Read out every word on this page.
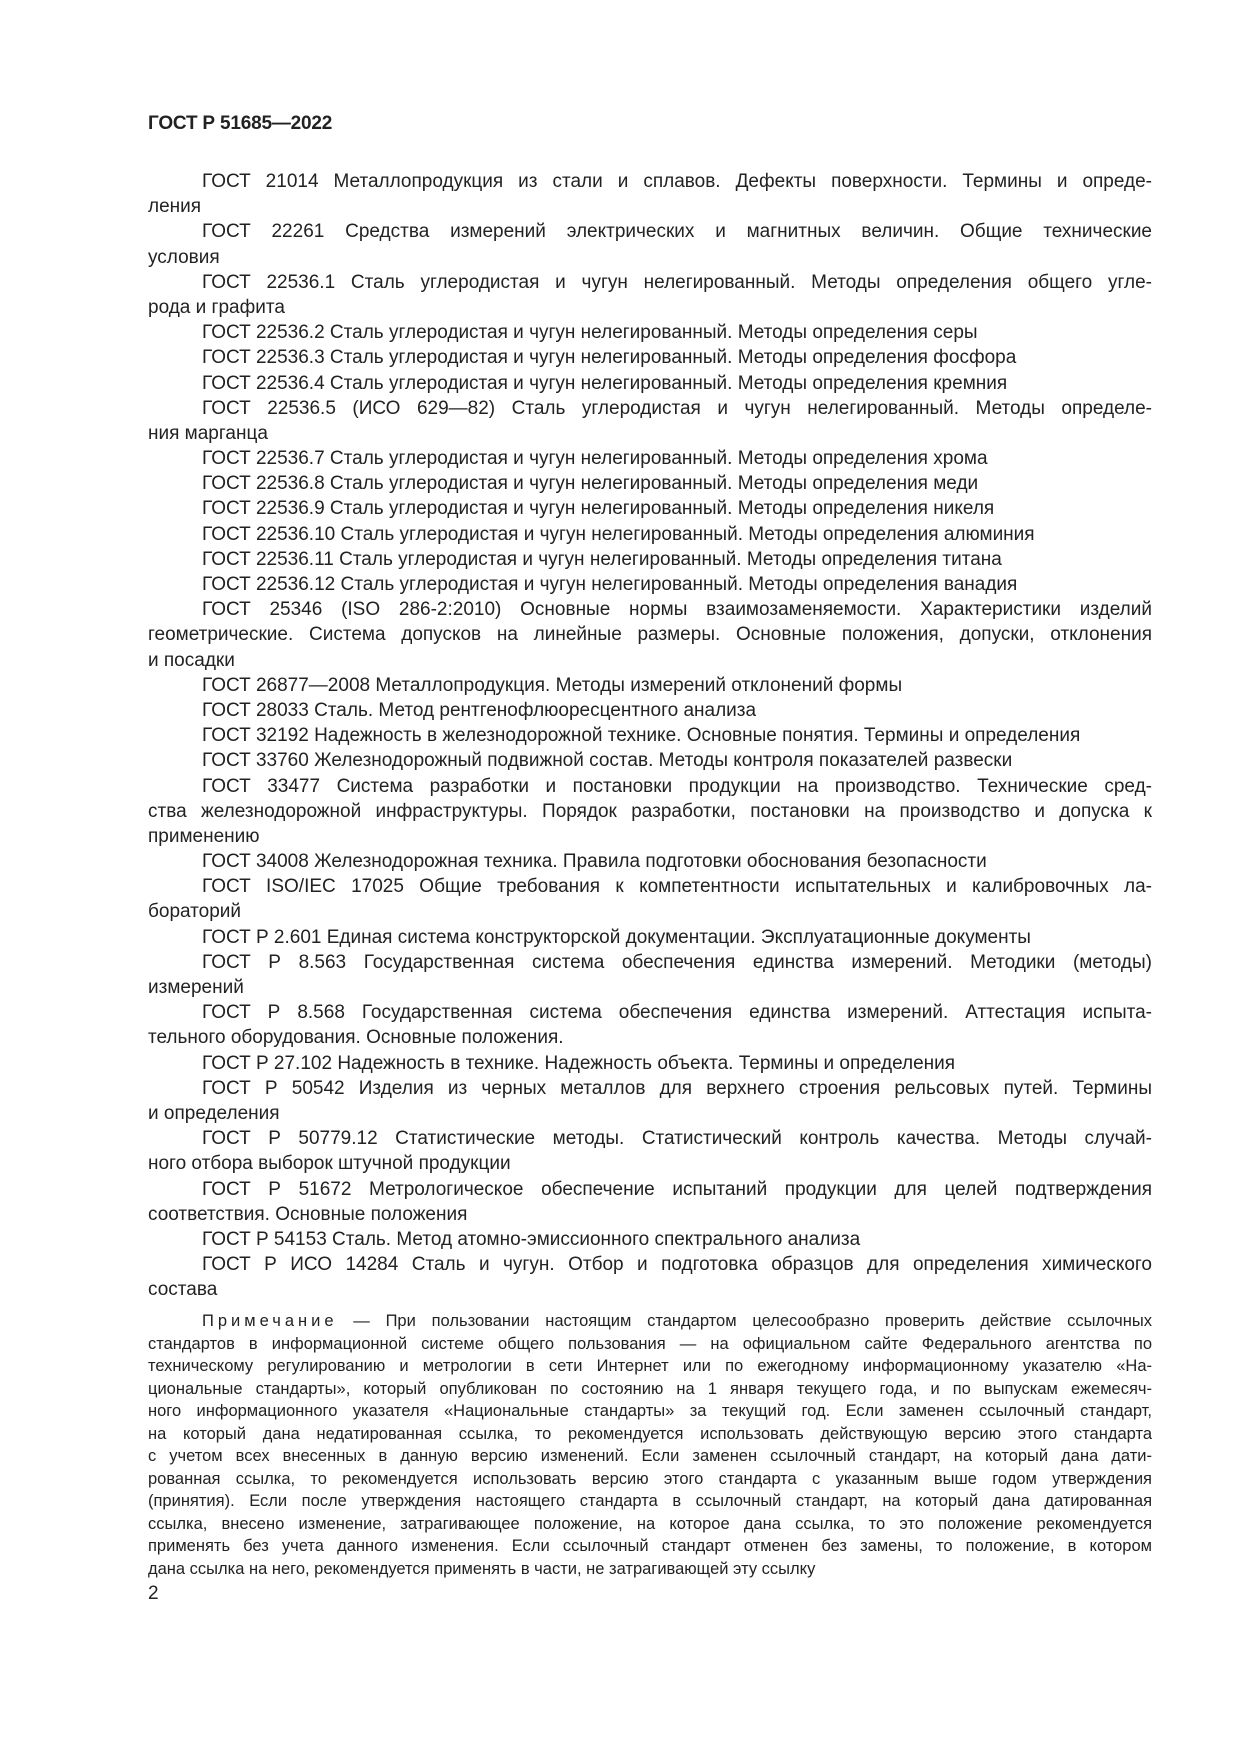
ГОСТ Р 51685—2022
ГОСТ 21014 Металлопродукция из стали и сплавов. Дефекты поверхности. Термины и опреде-
ления
ГОСТ 22261 Средства измерений электрических и магнитных величин. Общие технические
условия
ГОСТ 22536.1 Сталь углеродистая и чугун нелегированный. Методы определения общего угле-
рода и графита
ГОСТ 22536.2 Сталь углеродистая и чугун нелегированный. Методы определения серы
ГОСТ 22536.3 Сталь углеродистая и чугун нелегированный. Методы определения фосфора
ГОСТ 22536.4 Сталь углеродистая и чугун нелегированный. Методы определения кремния
ГОСТ 22536.5 (ИСО 629—82) Сталь углеродистая и чугун нелегированный. Методы определе-
ния марганца
ГОСТ 22536.7 Сталь углеродистая и чугун нелегированный. Методы определения хрома
ГОСТ 22536.8 Сталь углеродистая и чугун нелегированный. Методы определения меди
ГОСТ 22536.9 Сталь углеродистая и чугун нелегированный. Методы определения никеля
ГОСТ 22536.10 Сталь углеродистая и чугун нелегированный. Методы определения алюминия
ГОСТ 22536.11 Сталь углеродистая и чугун нелегированный. Методы определения титана
ГОСТ 22536.12 Сталь углеродистая и чугун нелегированный. Методы определения ванадия
ГОСТ 25346 (ISO 286-2:2010) Основные нормы взаимозаменяемости. Характеристики изделий
геометрические. Система допусков на линейные размеры. Основные положения, допуски, отклонения
и посадки
ГОСТ 26877—2008 Металлопродукция. Методы измерений отклонений формы
ГОСТ 28033 Сталь. Метод рентгенофлюоресцентного анализа
ГОСТ 32192 Надежность в железнодорожной технике. Основные понятия. Термины и определения
ГОСТ 33760 Железнодорожный подвижной состав. Методы контроля показателей развески
ГОСТ 33477 Система разработки и постановки продукции на производство. Технические сред-
ства железнодорожной инфраструктуры. Порядок разработки, постановки на производство и допуска к
применению
ГОСТ 34008 Железнодорожная техника. Правила подготовки обоснования безопасности
ГОСТ ISO/IEC 17025 Общие требования к компетентности испытательных и калибровочных ла-
бораторий
ГОСТ Р 2.601 Единая система конструкторской документации. Эксплуатационные документы
ГОСТ Р 8.563 Государственная система обеспечения единства измерений. Методики (методы)
измерений
ГОСТ Р 8.568 Государственная система обеспечения единства измерений. Аттестация испыта-
тельного оборудования. Основные положения.
ГОСТ Р 27.102 Надежность в технике. Надежность объекта. Термины и определения
ГОСТ Р 50542 Изделия из черных металлов для верхнего строения рельсовых путей. Термины
и определения
ГОСТ Р 50779.12 Статистические методы. Статистический контроль качества. Методы случай-
ного отбора выборок штучной продукции
ГОСТ Р 51672 Метрологическое обеспечение испытаний продукции для целей подтверждения
соответствия. Основные положения
ГОСТ Р 54153 Сталь. Метод атомно-эмиссионного спектрального анализа
ГОСТ Р ИСО 14284 Сталь и чугун. Отбор и подготовка образцов для определения химического
состава
Примечание — При пользовании настоящим стандартом целесообразно проверить действие ссылочных
стандартов в информационной системе общего пользования — на официальном сайте Федерального агентства по
техническому регулированию и метрологии в сети Интернет или по ежегодному информационному указателю «На-
циональные стандарты», который опубликован по состоянию на 1 января текущего года, и по выпускам ежемесяч-
ного информационного указателя «Национальные стандарты» за текущий год. Если заменен ссылочный стандарт,
на который дана недатированная ссылка, то рекомендуется использовать действующую версию этого стандарта
с учетом всех внесенных в данную версию изменений. Если заменен ссылочный стандарт, на который дана дати-
рованная ссылка, то рекомендуется использовать версию этого стандарта с указанным выше годом утверждения
(принятия). Если после утверждения настоящего стандарта в ссылочный стандарт, на который дана датированная
ссылка, внесено изменение, затрагивающее положение, на которое дана ссылка, то это положение рекомендуется
применять без учета данного изменения. Если ссылочный стандарт отменен без замены, то положение, в котором
дана ссылка на него, рекомендуется применять в части, не затрагивающей эту ссылку
2
